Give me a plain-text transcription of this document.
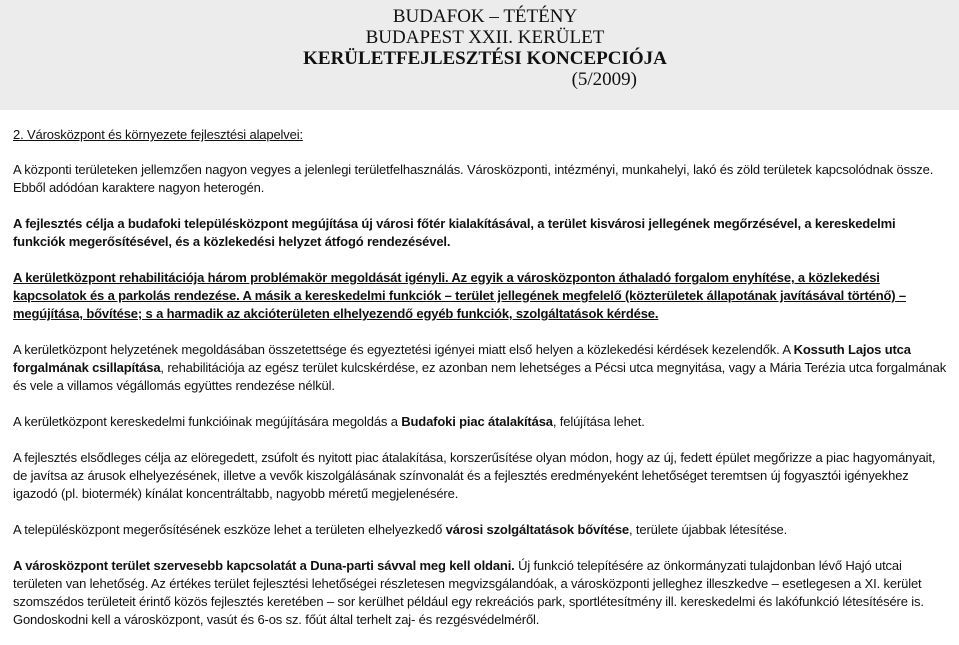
BUDAFOK – TÉTÉNY
BUDAPEST XXII. KERÜLET
KERÜLETFEJLESZTÉSI KONCEPCIÓJA
(5/2009)

2. Városközpont és környezete fejlesztési alapelvei:

A központi területeken jellemzően nagyon vegyes a jelenlegi területfelhasználás. Városközponti, intézményi, munkahelyi, lakó és zöld területek kapcsolódnak össze. Ebből adódóan karaktere nagyon heterogén.

A fejlesztés célja a budafoki településközpont megújítása új városi főtér kialakításával, a terület kisvárosi jellegének megőrzésével, a kereskedelmi funkciók megerősítésével, és a közlekedési helyzet átfogó rendezésével.

A kerületközpont rehabilitációja három problémakör megoldását igényli. Az egyik a városközponton áthaladó forgalom enyhítése, a közlekedési kapcsolatok és a parkolás rendezése. A másik a kereskedelmi funkciók – terület jellegének megfelelő (közterületek állapotának javításával történő) – megújítása, bővítése; s a harmadik az akcióterületen elhelyezendő egyéb funkciók, szolgáltatások kérdése.

A kerületközpont helyzetének megoldásában összetettsége és egyeztetési igényei miatt első helyen a közlekedési kérdések kezelendők. A Kossuth Lajos utca forgalmának csillapítása, rehabilitációja az egész terület kulcskérdése, ez azonban nem lehetséges a Pécsi utca megnyitása, vagy a Mária Terézia utca forgalmának és vele a villamos végállomás együttes rendezése nélkül.

A kerületközpont kereskedelmi funkcióinak megújítására megoldás a Budafoki piac átalakítása, felújítása lehet.

A fejlesztés elsődleges célja az elöregedett, zsúfolt és nyitott piac átalakítása, korszerűsítése olyan módon, hogy az új, fedett épület megőrizze a piac hagyományait, de javítsa az árusok elhelyezésének, illetve a vevők kiszolgálásának színvonalát és a fejlesztés eredményeként lehetőséget teremtsen új fogyasztói igényekhez igazodó (pl. biotermék) kínálat koncentráltabb, nagyobb méretű megjelenésére.

A településközpont megerősítésének eszköze lehet a területen elhelyezkedő városi szolgáltatások bővítése, területe újabbak létesítése.

A városközpont terület szervesebb kapcsolatát a Duna-parti sávval meg kell oldani. Új funkció telepítésére az önkormányzati tulajdonban lévő Hajó utcai területen van lehetőség. Az értékes terület fejlesztési lehetőségei részletesen megvizsgálandóak, a városközponti jelleghez illeszkedve – esetlegesen a XI. kerület szomszédos területeit érintő közös fejlesztés keretében – sor kerülhet például egy rekreációs park, sportlétesítmény ill. kereskedelmi és lakófunkció létesítésére is. Gondoskodni kell a városközpont, vasút és 6-os sz. főút által terhelt zaj- és rezgésvédelméről.
